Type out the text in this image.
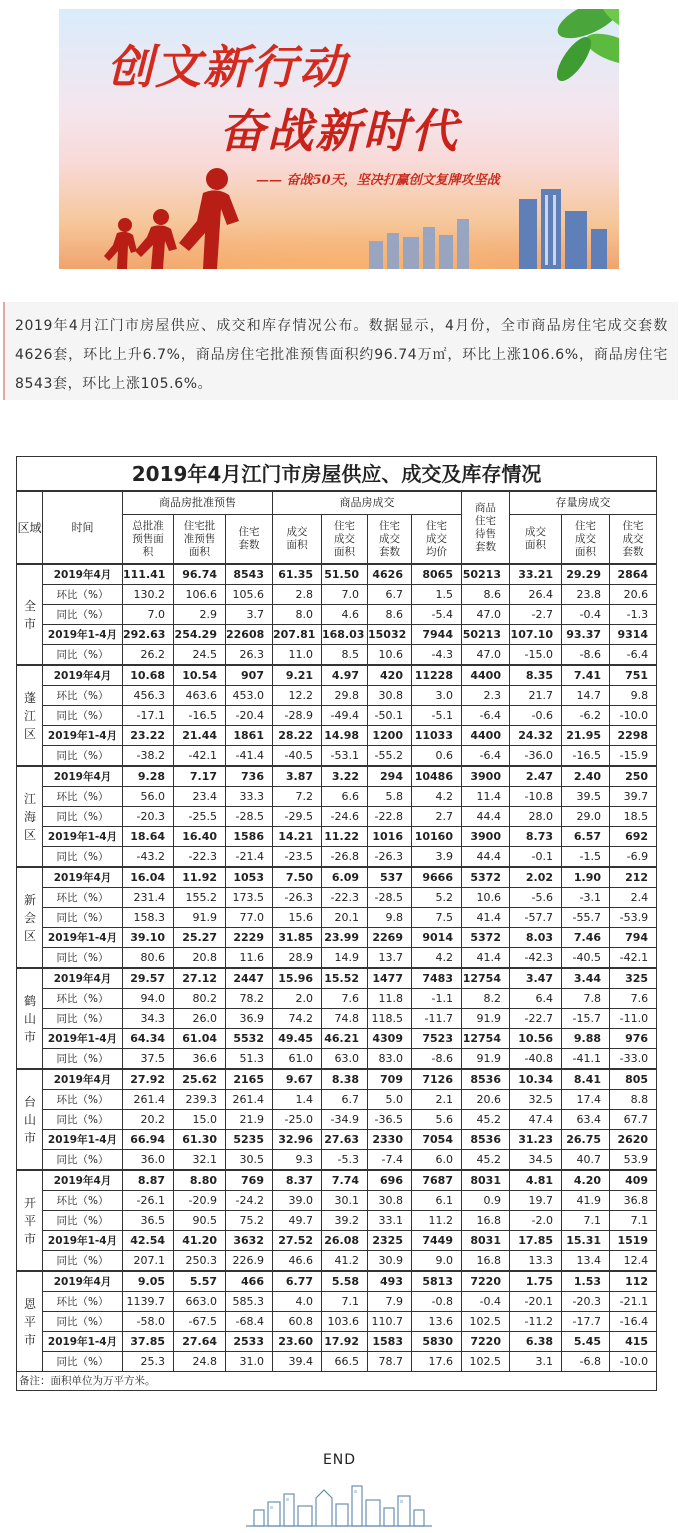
创文新行动
奋战新时代
—— 奋战50天，坚决打赢创文复牌攻坚战

2019年4月江门市房屋供应、成交和库存情况公布。数据显示，4月份，全市商品房住宅成交套数4626套，环比上升6.7%，商品房住宅批准预售面积约96.74万㎡，环比上涨106.6%，商品房住宅8543套，环比上涨105.6%。

2019年4月江门市房屋供应、成交及库存情况												
区域	时间	商品房批准预售			商品房成交				商品住宅待售套数	存量房成交		
		总批准预售面积	住宅批准预售面积	住宅套数	成交面积	住宅成交面积	住宅成交套数	住宅成交均价		成交面积	住宅成交面积	住宅成交套数
全市	2019年4月	111.41	96.74	8543	61.35	51.50	4626	8065	50213	33.21	29.29	2864
	环比（%）	130.2	106.6	105.6	2.8	7.0	6.7	1.5	8.6	26.4	23.8	20.6
	同比（%）	7.0	2.9	3.7	8.0	4.6	8.6	-5.4	47.0	-2.7	-0.4	-1.3
	2019年1-4月	292.63	254.29	22608	207.81	168.03	15032	7944	50213	107.10	93.37	9314
	同比（%）	26.2	24.5	26.3	11.0	8.5	10.6	-4.3	47.0	-15.0	-8.6	-6.4
蓬江区	2019年4月	10.68	10.54	907	9.21	4.97	420	11228	4400	8.35	7.41	751
	环比（%）	456.3	463.6	453.0	12.2	29.8	30.8	3.0	2.3	21.7	14.7	9.8
	同比（%）	-17.1	-16.5	-20.4	-28.9	-49.4	-50.1	-5.1	-6.4	-0.6	-6.2	-10.0
	2019年1-4月	23.22	21.44	1861	28.22	14.98	1200	11033	4400	24.32	21.95	2298
	同比（%）	-38.2	-42.1	-41.4	-40.5	-53.1	-55.2	0.6	-6.4	-36.0	-16.5	-15.9
江海区	2019年4月	9.28	7.17	736	3.87	3.22	294	10486	3900	2.47	2.40	250
	环比（%）	56.0	23.4	33.3	7.2	6.6	5.8	4.2	11.4	-10.8	39.5	39.7
	同比（%）	-20.3	-25.5	-28.5	-29.5	-24.6	-22.8	2.7	44.4	28.0	29.0	18.5
	2019年1-4月	18.64	16.40	1586	14.21	11.22	1016	10160	3900	8.73	6.57	692
	同比（%）	-43.2	-22.3	-21.4	-23.5	-26.8	-26.3	3.9	44.4	-0.1	-1.5	-6.9
新会区	2019年4月	16.04	11.92	1053	7.50	6.09	537	9666	5372	2.02	1.90	212
	环比（%）	231.4	155.2	173.5	-26.3	-22.3	-28.5	5.2	10.6	-5.6	-3.1	2.4
	同比（%）	158.3	91.9	77.0	15.6	20.1	9.8	7.5	41.4	-57.7	-55.7	-53.9
	2019年1-4月	39.10	25.27	2229	31.85	23.99	2269	9014	5372	8.03	7.46	794
	同比（%）	80.6	20.8	11.6	28.9	14.9	13.7	4.2	41.4	-42.3	-40.5	-42.1
鹤山市	2019年4月	29.57	27.12	2447	15.96	15.52	1477	7483	12754	3.47	3.44	325
	环比（%）	94.0	80.2	78.2	2.0	7.6	11.8	-1.1	8.2	6.4	7.8	7.6
	同比（%）	34.3	26.0	36.9	74.2	74.8	118.5	-11.7	91.9	-22.7	-15.7	-11.0
	2019年1-4月	64.34	61.04	5532	49.45	46.21	4309	7523	12754	10.56	9.88	976
	同比（%）	37.5	36.6	51.3	61.0	63.0	83.0	-8.6	91.9	-40.8	-41.1	-33.0
台山市	2019年4月	27.92	25.62	2165	9.67	8.38	709	7126	8536	10.34	8.41	805
	环比（%）	261.4	239.3	261.4	1.4	6.7	5.0	2.1	20.6	32.5	17.4	8.8
	同比（%）	20.2	15.0	21.9	-25.0	-34.9	-36.5	5.6	45.2	47.4	63.4	67.7
	2019年1-4月	66.94	61.30	5235	32.96	27.63	2330	7054	8536	31.23	26.75	2620
	同比（%）	36.0	32.1	30.5	9.3	-5.3	-7.4	6.0	45.2	34.5	40.7	53.9
开平市	2019年4月	8.87	8.80	769	8.37	7.74	696	7687	8031	4.81	4.20	409
	环比（%）	-26.1	-20.9	-24.2	39.0	30.1	30.8	6.1	0.9	19.7	41.9	36.8
	同比（%）	36.5	90.5	75.2	49.7	39.2	33.1	11.2	16.8	-2.0	7.1	7.1
	2019年1-4月	42.54	41.20	3632	27.52	26.08	2325	7449	8031	17.85	15.31	1519
	同比（%）	207.1	250.3	226.9	46.6	41.2	30.9	9.0	16.8	13.3	13.4	12.4
恩平市	2019年4月	9.05	5.57	466	6.77	5.58	493	5813	7220	1.75	1.53	112
	环比（%）	1139.7	663.0	585.3	4.0	7.1	7.9	-0.8	-0.4	-20.1	-20.3	-21.1
	同比（%）	-58.0	-67.5	-68.4	60.8	103.6	110.7	13.6	102.5	-11.2	-17.7	-16.4
	2019年1-4月	37.85	27.64	2533	23.60	17.92	1583	5830	7220	6.38	5.45	415
	同比（%）	25.3	24.8	31.0	39.4	66.5	78.7	17.6	102.5	3.1	-6.8	-10.0
备注：面积单位为万平方米。												
END
